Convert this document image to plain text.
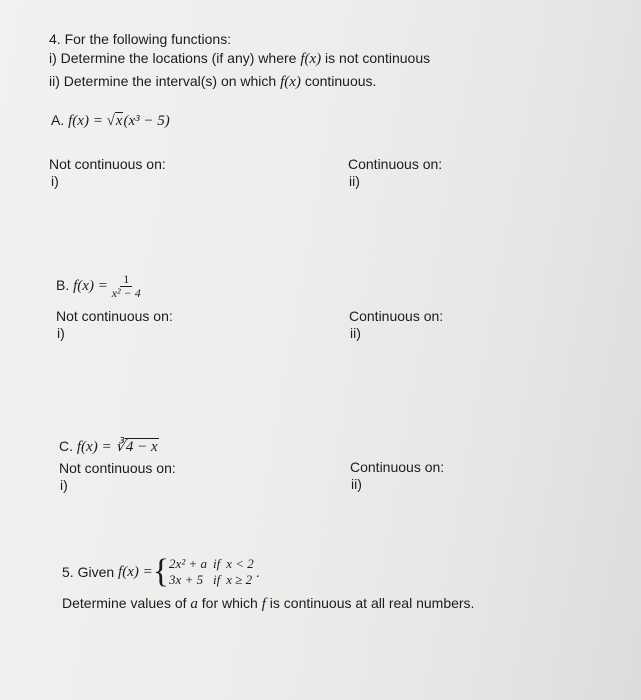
4. For the following functions:
i) Determine the locations (if any) where f(x) is not continuous
ii) Determine the interval(s) on which f(x) continuous.
A. f(x) = √x(x³ − 5)
Not continuous on:
i)
Continuous on:
ii)
B. $f(x) = \frac{1}{\text{x² − 4}}$
Not continuous on:
i)
Continuous on:
ii)
C. f(x) = ∛4 − x
Not continuous on:
i)
Continuous on:
ii)
5. Given
f(x) = { 2x² + a	if	x < 2
3x + 5	if	x ≥ 2 .
Determine values of a for which f is continuous at all real numbers.
